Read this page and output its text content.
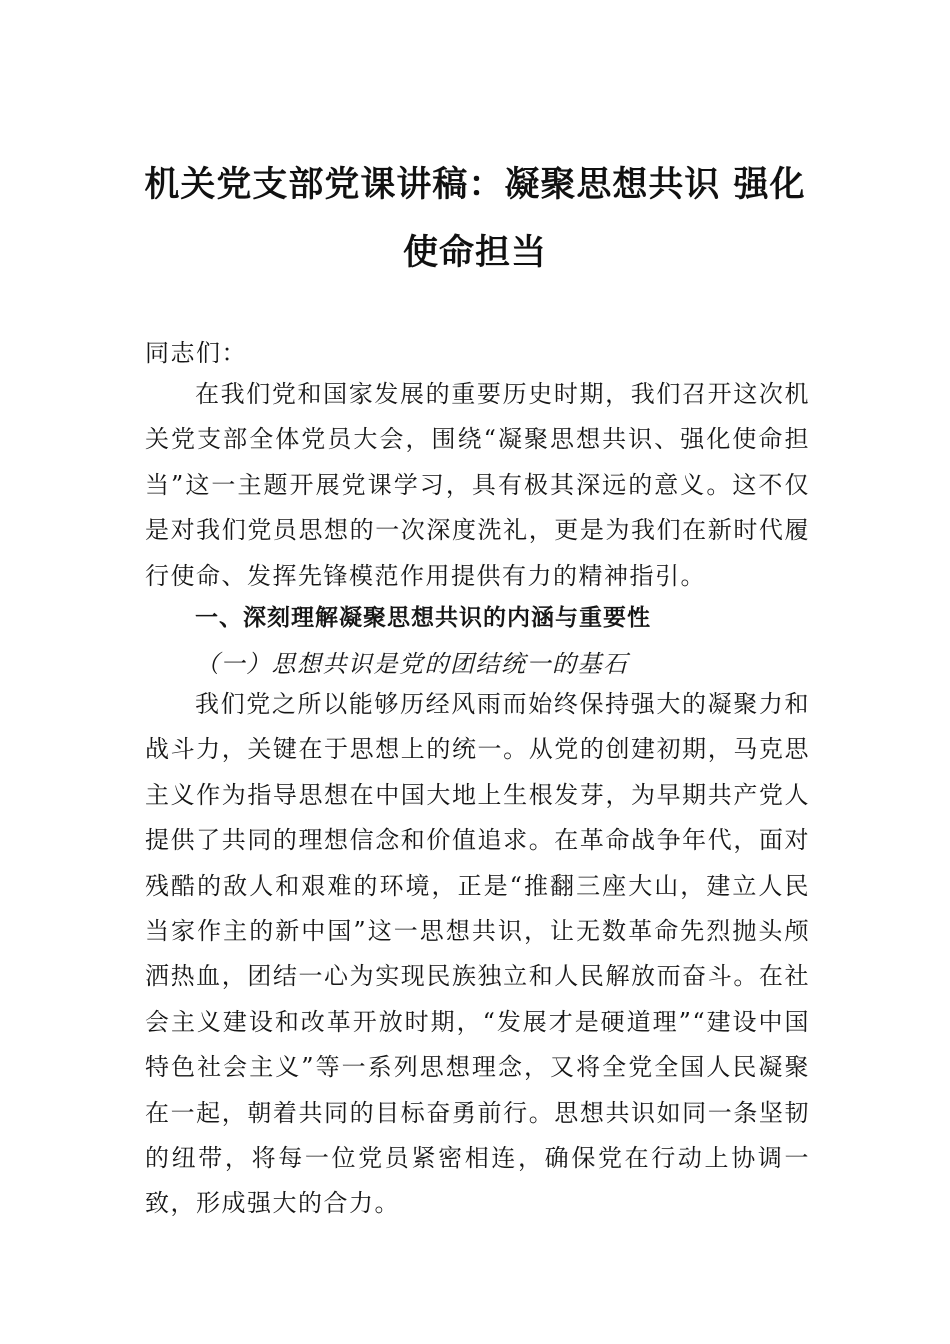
机关党支部党课讲稿：凝聚思想共识 强化
使命担当
同志们：
在我们党和国家发展的重要历史时期，我们召开这次机关党支部全体党员大会，围绕“凝聚思想共识、强化使命担当”这一主题开展党课学习，具有极其深远的意义。这不仅是对我们党员思想的一次深度洗礼，更是为我们在新时代履行使命、发挥先锋模范作用提供有力的精神指引。
一、深刻理解凝聚思想共识的内涵与重要性
（一）思想共识是党的团结统一的基石
我们党之所以能够历经风雨而始终保持强大的凝聚力和战斗力，关键在于思想上的统一。从党的创建初期，马克思主义作为指导思想在中国大地上生根发芽，为早期共产党人提供了共同的理想信念和价值追求。在革命战争年代，面对残酷的敌人和艰难的环境，正是“推翻三座大山，建立人民当家作主的新中国”这一思想共识，让无数革命先烈抛头颅洒热血，团结一心为实现民族独立和人民解放而奋斗。在社会主义建设和改革开放时期，“发展才是硬道理”“建设中国特色社会主义”等一系列思想理念，又将全党全国人民凝聚在一起，朝着共同的目标奋勇前行。思想共识如同一条坚韧的纽带，将每一位党员紧密相连，确保党在行动上协调一致，形成强大的合力。
